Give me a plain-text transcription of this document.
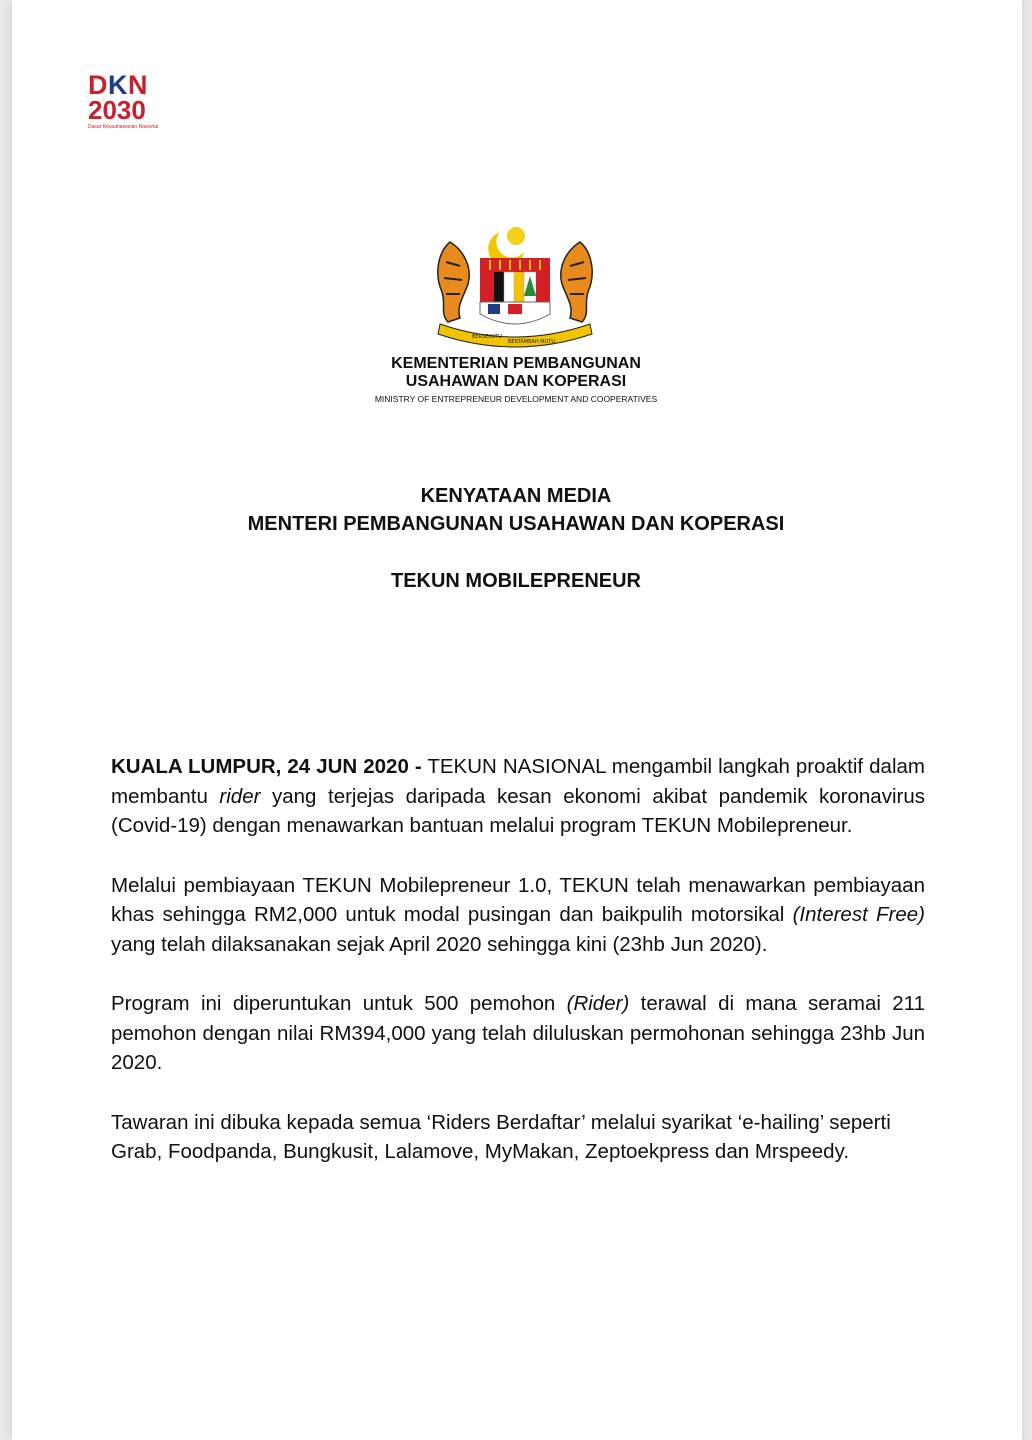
DKN
2030
Dasar Keusahawanan Nasional
BERSEKUTU
BERTAMBAH MUTU
KEMENTERIAN PEMBANGUNAN
USAHAWAN DAN KOPERASI
MINISTRY OF ENTREPRENEUR DEVELOPMENT AND COOPERATIVES
KENYATAAN MEDIA
MENTERI PEMBANGUNAN USAHAWAN DAN KOPERASI
TEKUN MOBILEPRENEUR

KUALA LUMPUR, 24 JUN 2020 - TEKUN NASIONAL mengambil langkah proaktif dalam membantu rider yang terjejas daripada kesan ekonomi akibat pandemik koronavirus (Covid-19) dengan menawarkan bantuan melalui program TEKUN Mobilepreneur.

Melalui pembiayaan TEKUN Mobilepreneur 1.0, TEKUN telah menawarkan pembiayaan khas sehingga RM2,000 untuk modal pusingan dan baikpulih motorsikal (Interest Free) yang telah dilaksanakan sejak April 2020 sehingga kini (23hb Jun 2020).

Program ini diperuntukan untuk 500 pemohon (Rider) terawal di mana seramai 211 pemohon dengan nilai RM394,000 yang telah diluluskan permohonan sehingga 23hb Jun 2020.

Tawaran ini dibuka kepada semua ‘Riders Berdaftar’ melalui syarikat ‘e-hailing’ seperti Grab, Foodpanda, Bungkusit, Lalamove, MyMakan, Zeptoekpress dan Mrspeedy.
